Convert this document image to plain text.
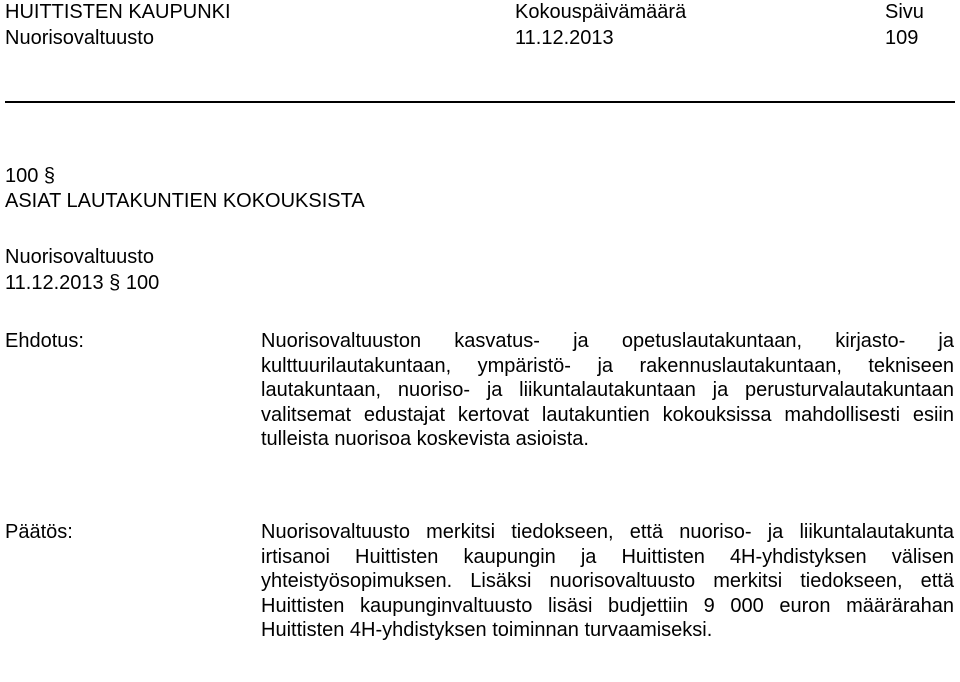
HUITTISTEN KAUPUNKI

Nuorisovaltuusto

Kokouspäivämäärä

11.12.2013

Sivu

109

100 §

ASIAT LAUTAKUNTIEN KOKOUKSISTA

Nuorisovaltuusto

11.12.2013 § 100

Ehdotus:	Nuorisovaltuuston kasvatus- ja opetuslautakuntaan, kirjasto- ja kulttuurilautakuntaan, ympäristö- ja rakennuslautakuntaan, tekniseen lautakuntaan, nuoriso- ja liikuntalautakuntaan ja perusturvalautakuntaan valitsemat edustajat kertovat lautakuntien kokouksissa mahdollisesti esiin tulleista nuorisoa koskevista asioista.

Päätös:	Nuorisovaltuusto merkitsi tiedokseen, että nuoriso- ja liikuntalautakunta irtisanoi Huittisten kaupungin ja Huittisten 4H-yhdistyksen välisen yhteistyösopimuksen. Lisäksi nuorisovaltuusto merkitsi tiedokseen, että Huittisten kaupunginvaltuusto lisäsi budjettiin 9 000 euron määrärahan Huittisten 4H-yhdistyksen toiminnan turvaamiseksi.
